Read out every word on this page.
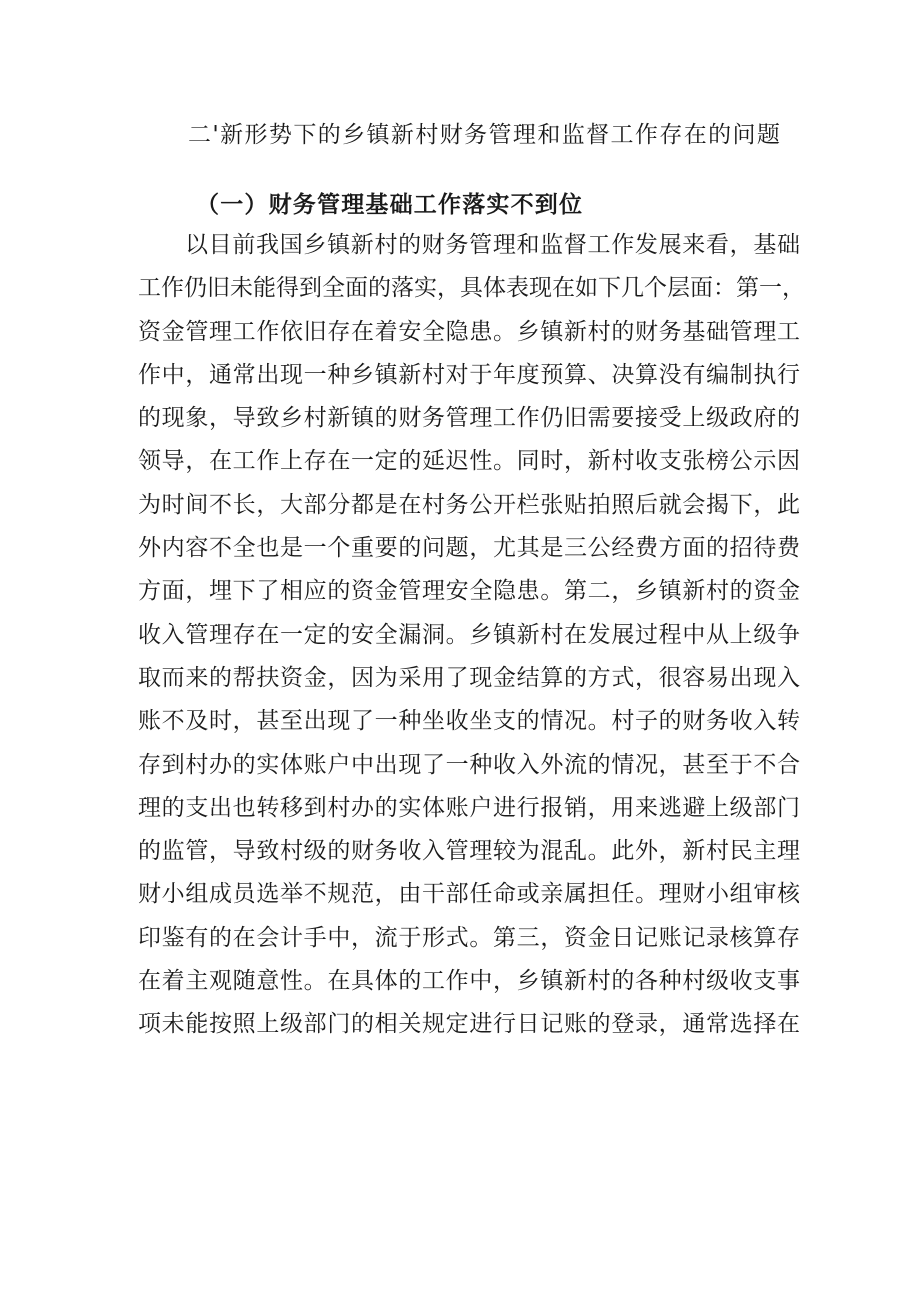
二'新形势下的乡镇新村财务管理和监督工作存在的问题
（一）财务管理基础工作落实不到位
以目前我国乡镇新村的财务管理和监督工作发展来看，基础
工作仍旧未能得到全面的落实，具体表现在如下几个层面：第一，
资金管理工作依旧存在着安全隐患。乡镇新村的财务基础管理工
作中，通常出现一种乡镇新村对于年度预算、决算没有编制执行
的现象，导致乡村新镇的财务管理工作仍旧需要接受上级政府的
领导，在工作上存在一定的延迟性。同时，新村收支张榜公示因
为时间不长，大部分都是在村务公开栏张贴拍照后就会揭下，此
外内容不全也是一个重要的问题，尤其是三公经费方面的招待费
方面，埋下了相应的资金管理安全隐患。第二，乡镇新村的资金
收入管理存在一定的安全漏洞。乡镇新村在发展过程中从上级争
取而来的帮扶资金，因为采用了现金结算的方式，很容易出现入
账不及时，甚至出现了一种坐收坐支的情况。村子的财务收入转
存到村办的实体账户中出现了一种收入外流的情况，甚至于不合
理的支出也转移到村办的实体账户进行报销，用来逃避上级部门
的监管，导致村级的财务收入管理较为混乱。此外，新村民主理
财小组成员选举不规范，由干部任命或亲属担任。理财小组审核
印鉴有的在会计手中，流于形式。第三，资金日记账记录核算存
在着主观随意性。在具体的工作中，乡镇新村的各种村级收支事
项未能按照上级部门的相关规定进行日记账的登录，通常选择在
